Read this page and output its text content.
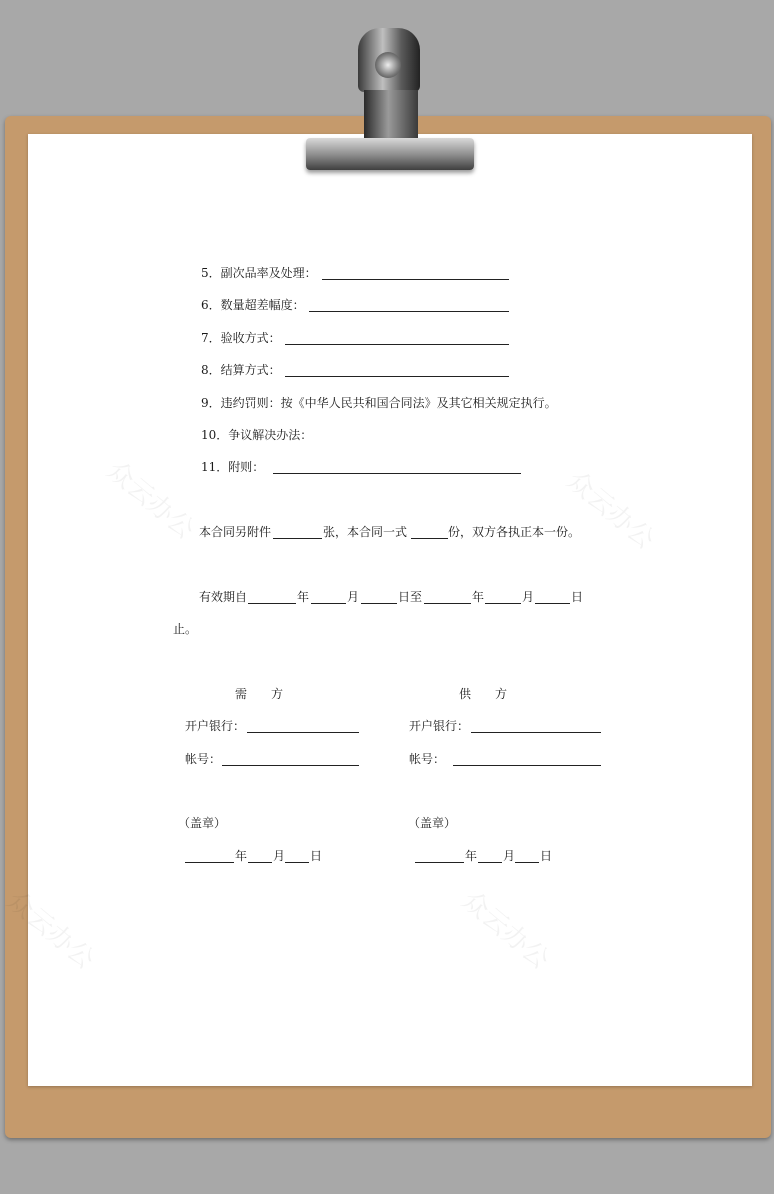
众云办公	众云办公
众云办公	众云办公
5．副次品率及处理：
6．数量超差幅度：
7．验收方式：
8．结算方式：
9．违约罚则：按《中华人民共和国合同法》及其它相关规定执行。
10．争议解决办法：
11．附则：
本合同另附件	张，本合同一式	份，双方各执正本一份。
有效期自	年	月	日至	年	月	日
止。
需　　方	供　　方
开户银行：	开户银行：
帐号：	帐号：
（盖章）	（盖章）
年 月 日	年 月 日
